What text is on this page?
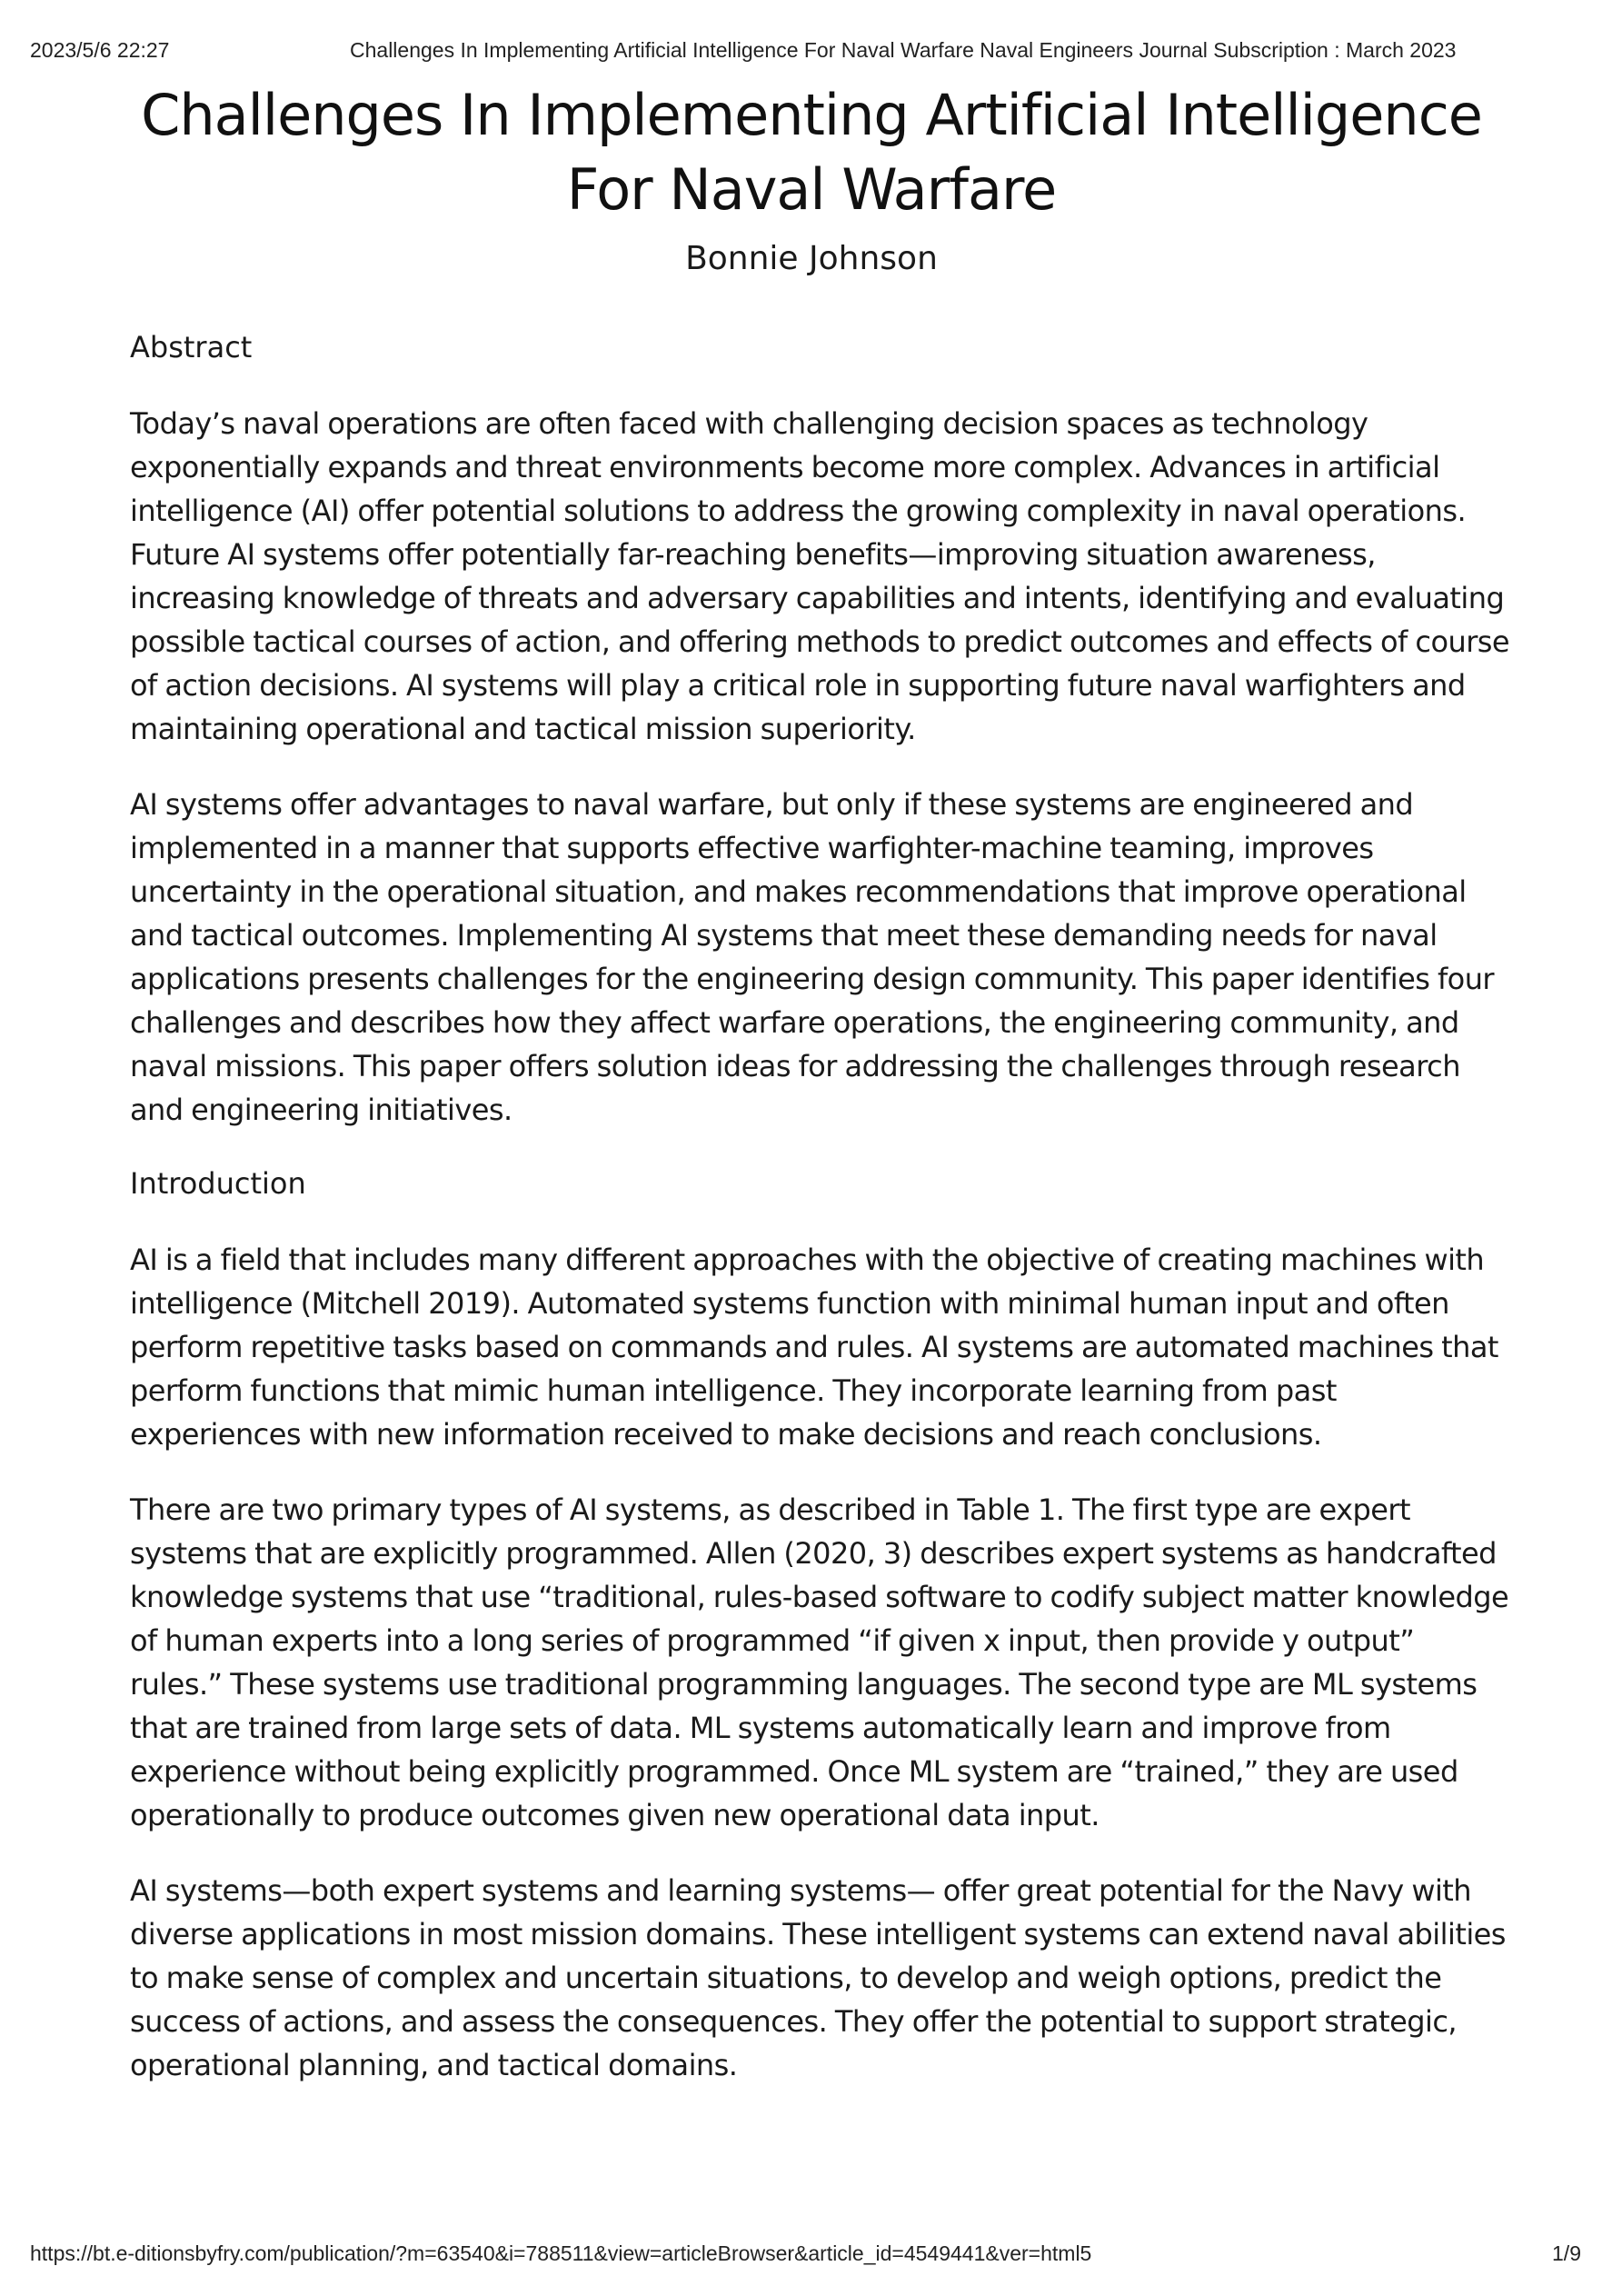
2023/5/6 22:27	Challenges In Implementing Artificial Intelligence For Naval Warfare Naval Engineers Journal Subscription : March 2023
Challenges In Implementing Artificial Intelligence
For Naval Warfare
Bonnie Johnson
Abstract

Today’s naval operations are often faced with challenging decision spaces as technology exponentially expands and threat environments become more complex. Advances in artificial intelligence (AI) offer potential solutions to address the growing complexity in naval operations. Future AI systems offer potentially far-reaching benefits—improving situation awareness, increasing knowledge of threats and adversary capabilities and intents, identifying and evaluating possible tactical courses of action, and offering methods to predict outcomes and effects of course of action decisions. AI systems will play a critical role in supporting future naval warfighters and maintaining operational and tactical mission superiority.

AI systems offer advantages to naval warfare, but only if these systems are engineered and implemented in a manner that supports effective warfighter-machine teaming, improves uncertainty in the operational situation, and makes recommendations that improve operational and tactical outcomes. Implementing AI systems that meet these demanding needs for naval applications presents challenges for the engineering design community. This paper identifies four challenges and describes how they affect warfare operations, the engineering community, and naval missions. This paper offers solution ideas for addressing the challenges through research and engineering initiatives.

Introduction

AI is a field that includes many different approaches with the objective of creating machines with intelligence (Mitchell 2019). Automated systems function with minimal human input and often perform repetitive tasks based on commands and rules. AI systems are automated machines that perform functions that mimic human intelligence. They incorporate learning from past experiences with new information received to make decisions and reach conclusions.

There are two primary types of AI systems, as described in Table 1. The first type are expert systems that are explicitly programmed. Allen (2020, 3) describes expert systems as handcrafted knowledge systems that use “traditional, rules-based software to codify subject matter knowledge of human experts into a long series of programmed “if given x input, then provide y output” rules.” These systems use traditional programming languages. The second type are ML systems that are trained from large sets of data. ML systems automatically learn and improve from experience without being explicitly programmed. Once ML system are “trained,” they are used operationally to produce outcomes given new operational data input.

AI systems—both expert systems and learning systems— offer great potential for the Navy with diverse applications in most mission domains. These intelligent systems can extend naval abilities to make sense of complex and uncertain situations, to develop and weigh options, predict the success of actions, and assess the consequences. They offer the potential to support strategic, operational planning, and tactical domains.

https://bt.e-ditionsbyfry.com/publication/?m=63540&i=788511&view=articleBrowser&article_id=4549441&ver=html5	1/9
